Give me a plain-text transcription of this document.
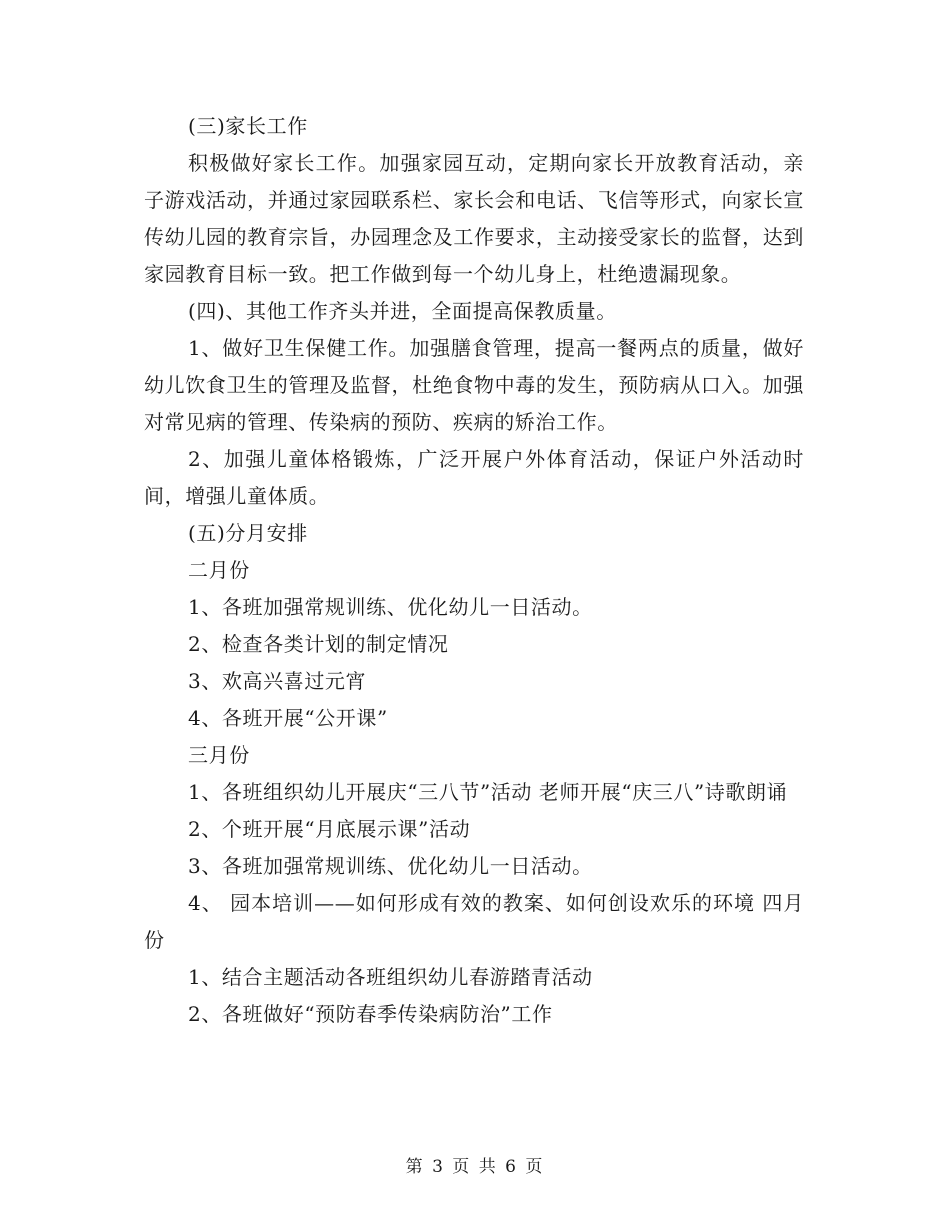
(三)家长工作

积极做好家长工作。加强家园互动，定期向家长开放教育活动，亲子游戏活动，并通过家园联系栏、家长会和电话、飞信等形式，向家长宣传幼儿园的教育宗旨，办园理念及工作要求，主动接受家长的监督，达到家园教育目标一致。把工作做到每一个幼儿身上，杜绝遗漏现象。

(四)、其他工作齐头并进，全面提高保教质量。

1、做好卫生保健工作。加强膳食管理，提高一餐两点的质量，做好幼儿饮食卫生的管理及监督，杜绝食物中毒的发生，预防病从口入。加强对常见病的管理、传染病的预防、疾病的矫治工作。

2、加强儿童体格锻炼，广泛开展户外体育活动，保证户外活动时间，增强儿童体质。

(五)分月安排

二月份

1、各班加强常规训练、优化幼儿一日活动。

2、检查各类计划的制定情况

3、欢高兴喜过元宵

4、各班开展“公开课”

三月份

1、各班组织幼儿开展庆“三八节”活动 老师开展“庆三八”诗歌朗诵

2、个班开展“月底展示课”活动

3、各班加强常规训练、优化幼儿一日活动。

4、 园本培训——如何形成有效的教案、如何创设欢乐的环境 四月份

1、结合主题活动各班组织幼儿春游踏青活动

2、各班做好“预防春季传染病防治”工作

第 3 页 共 6 页
